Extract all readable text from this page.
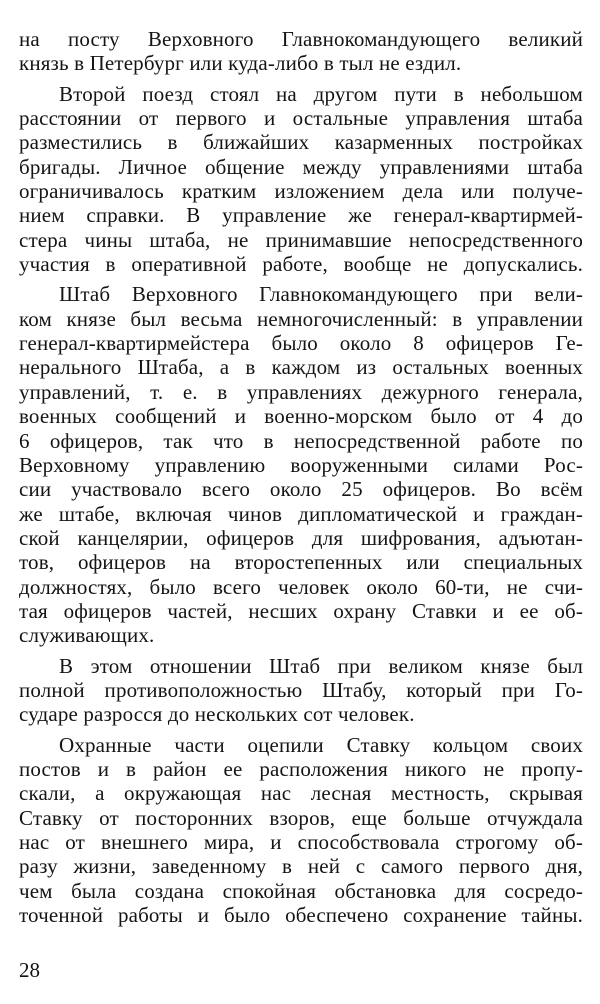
на посту Верховного Главнокомандующего великий
князь в Петербург или куда-либо в тыл не ездил.
Второй поезд стоял на другом пути в небольшом
расстоянии от первого и остальные управления штаба
разместились в ближайших казарменных постройках
бригады. Личное общение между управлениями штаба
ограничивалось кратким изложением дела или получе-
нием справки. В управление же генерал-квартирмей-
стера чины штаба, не принимавшие непосредственного
участия в оперативной работе, вообще не допускались.
Штаб Верховного Главнокомандующего при вели-
ком князе был весьма немногочисленный: в управлении
генерал-квартирмейстера было около 8 офицеров Ге-
нерального Штаба, а в каждом из остальных военных
управлений, т. е. в управлениях дежурного генерала,
военных сообщений и военно-морском было от 4 до
6 офицеров, так что в непосредственной работе по
Верховному управлению вооруженными силами Рос-
сии участвовало всего около 25 офицеров. Во всём
же штабе, включая чинов дипломатической и граждан-
ской канцелярии, офицеров для шифрования, адъютан-
тов, офицеров на второстепенных или специальных
должностях, было всего человек около 60-ти, не счи-
тая офицеров частей, несших охрану Ставки и ее об-
служивающих.
В этом отношении Штаб при великом князе был
полной противоположностью Штабу, который при Го-
сударе разросся до нескольких сот человек.
Охранные части оцепили Ставку кольцом своих
постов и в район ее расположения никого не пропу-
скали, а окружающая нас лесная местность, скрывая
Ставку от посторонних взоров, еще больше отчуждала
нас от внешнего мира, и способствовала строгому об-
разу жизни, заведенному в ней с самого первого дня,
чем была создана спокойная обстановка для сосредо-
точенной работы и было обеспечено сохранение тайны.
28
